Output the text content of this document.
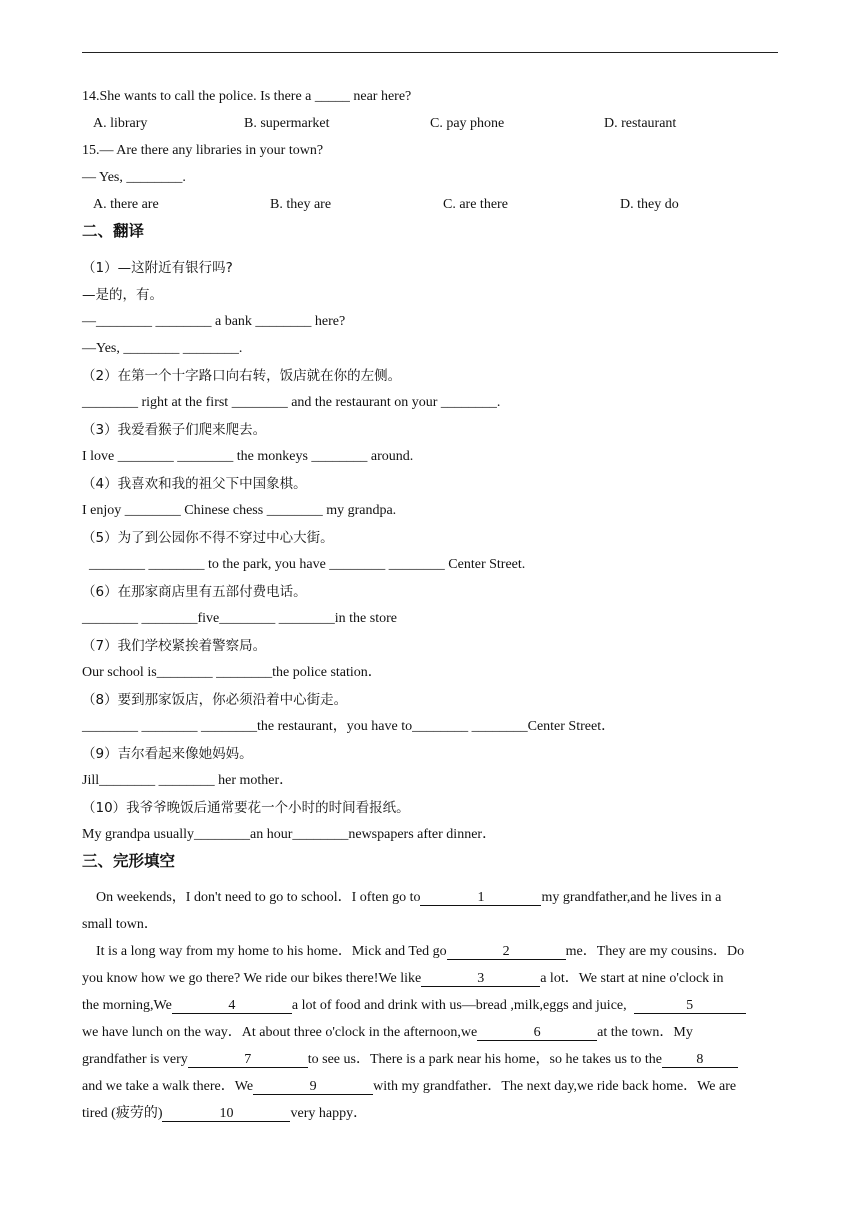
14.She wants to call the police. Is there a _____ near here?
A. library	B. supermarket	C. pay phone	D. restaurant
15.— Are there any libraries in your town?
— Yes, ________.
A. there are	B. they are	C. are there	D. they do
二、翻译
（1）—这附近有银行吗?
—是的，有。
—________ ________ a bank ________ here?
—Yes, ________ ________.
（2）在第一个十字路口向右转，饭店就在你的左侧。
________ right at the first ________ and the restaurant on your ________.
（3）我爱看猴子们爬来爬去。
I love ________ ________ the monkeys ________ around.
（4）我喜欢和我的祖父下中国象棋。
I enjoy ________ Chinese chess ________ my grandpa.
（5）为了到公园你不得不穿过中心大街。
________ ________ to the park, you have ________ ________ Center Street.
（6）在那家商店里有五部付费电话。
________ ________five________ ________in the store
（7）我们学校紧挨着警察局。
Our school is________ ________the police station．
（8）要到那家饭店，你必须沿着中心街走。
________ ________ ________the restaurant，you have to________ ________Center Street．
（9）吉尔看起来像她妈妈。
Jill________ ________ her mother．
（10）我爷爷晚饭后通常要花一个小时的时间看报纸。
My grandpa usually________an hour________newspapers after dinner．
三、完形填空
On weekends，I don't need to go to school．I often go to	1	my grandfather,and he lives in a
small town．
It is a long way from my home to his home．Mick and Ted go	2	me．They are my cousins．Do
you know how we go there? We ride our bikes there!We like	3	a lot．We start at nine o'clock in
the morning,We	4	a lot of food and drink with us—bread ,milk,eggs and juice,	5
we have lunch on the way．At about three o'clock in the afternoon,we	6	at the town．My
grandfather is very	7	to see us．There is a park near his home，so he takes us to the 8
and we take a walk there．We	9	with my grandfather．The next day,we ride back home．We are
tired (疲劳的)	10	very happy．
